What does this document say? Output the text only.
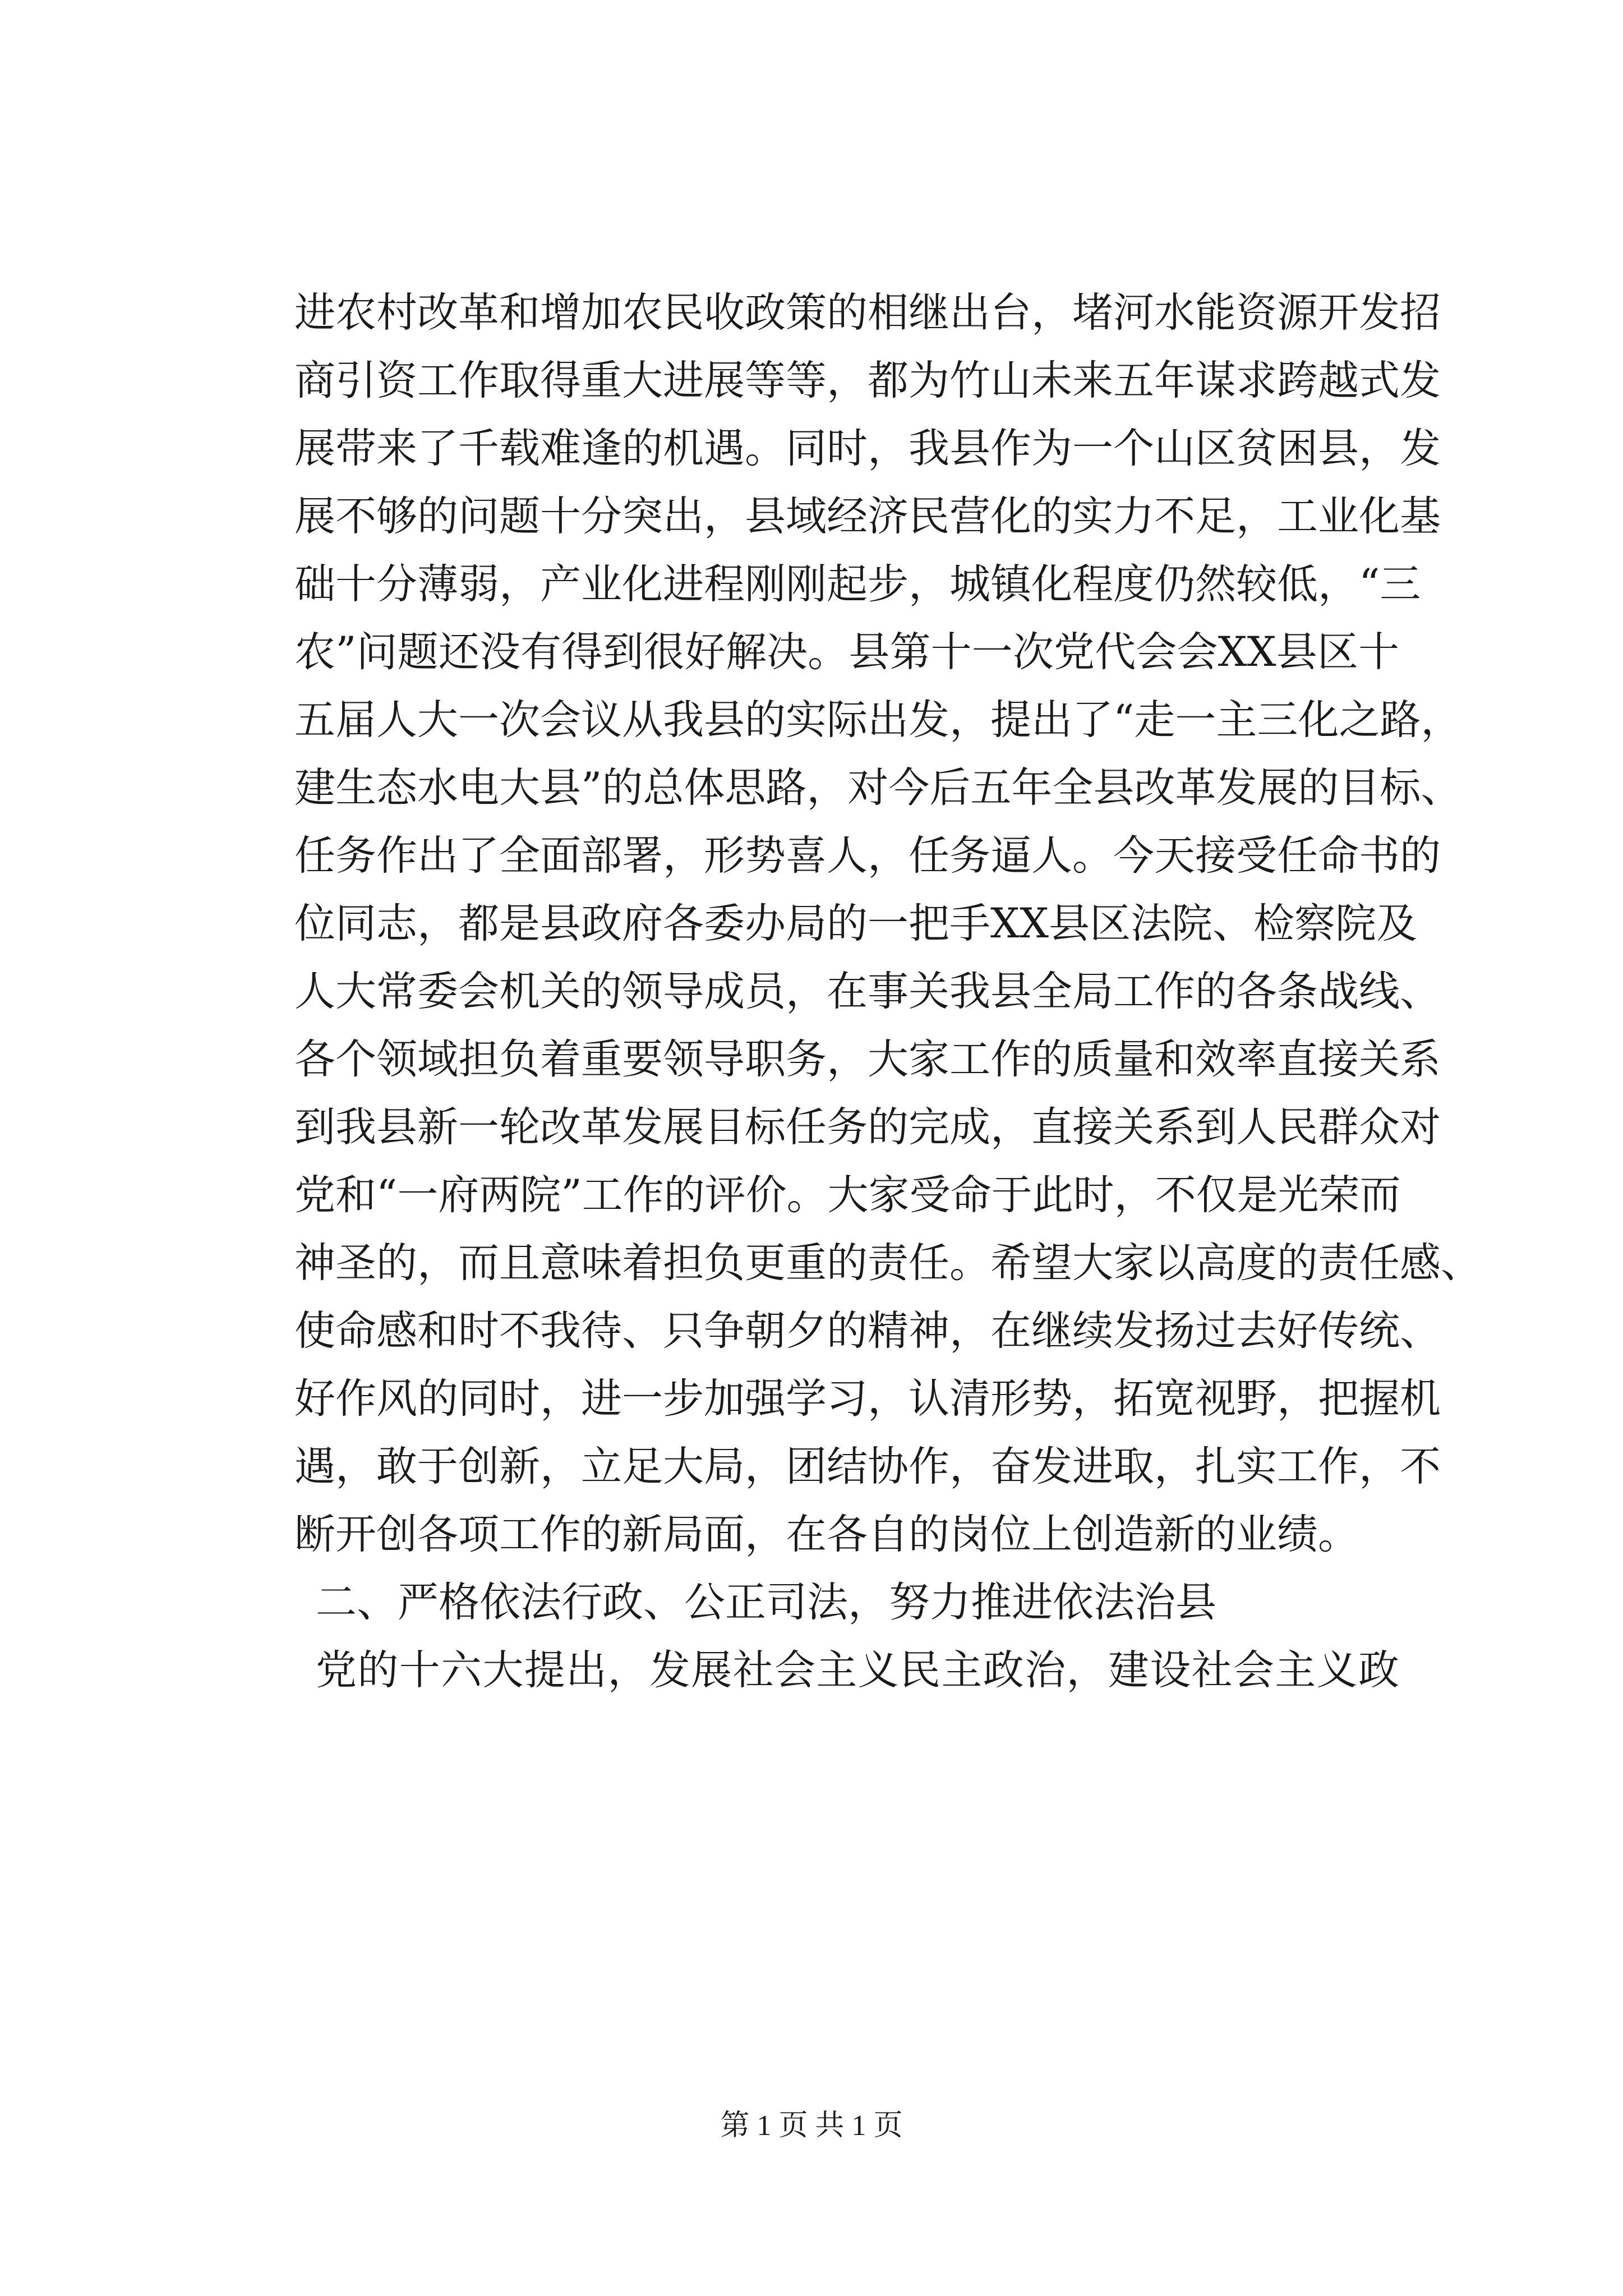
进农村改革和增加农民收政策的相继出台，堵河水能资源开发招
商引资工作取得重大进展等等，都为竹山未来五年谋求跨越式发
展带来了千载难逢的机遇。同时，我县作为一个山区贫困县，发
展不够的问题十分突出，县域经济民营化的实力不足，工业化基
础十分薄弱，产业化进程刚刚起步，城镇化程度仍然较低，“三
农”问题还没有得到很好解决。县第十一次党代会会XX县区十
五届人大一次会议从我县的实际出发，提出了“走一主三化之路，
建生态水电大县”的总体思路，对今后五年全县改革发展的目标、
任务作出了全面部署，形势喜人，任务逼人。今天接受任命书的
位同志，都是县政府各委办局的一把手XX县区法院、检察院及
人大常委会机关的领导成员，在事关我县全局工作的各条战线、
各个领域担负着重要领导职务，大家工作的质量和效率直接关系
到我县新一轮改革发展目标任务的完成，直接关系到人民群众对
党和“一府两院”工作的评价。大家受命于此时，不仅是光荣而
神圣的，而且意味着担负更重的责任。希望大家以高度的责任感、
使命感和时不我待、只争朝夕的精神，在继续发扬过去好传统、
好作风的同时，进一步加强学习，认清形势，拓宽视野，把握机
遇，敢于创新，立足大局，团结协作，奋发进取，扎实工作，不
断开创各项工作的新局面，在各自的岗位上创造新的业绩。
二、严格依法行政、公正司法，努力推进依法治县
党的十六大提出，发展社会主义民主政治，建设社会主义政
第 1 页 共 1 页
